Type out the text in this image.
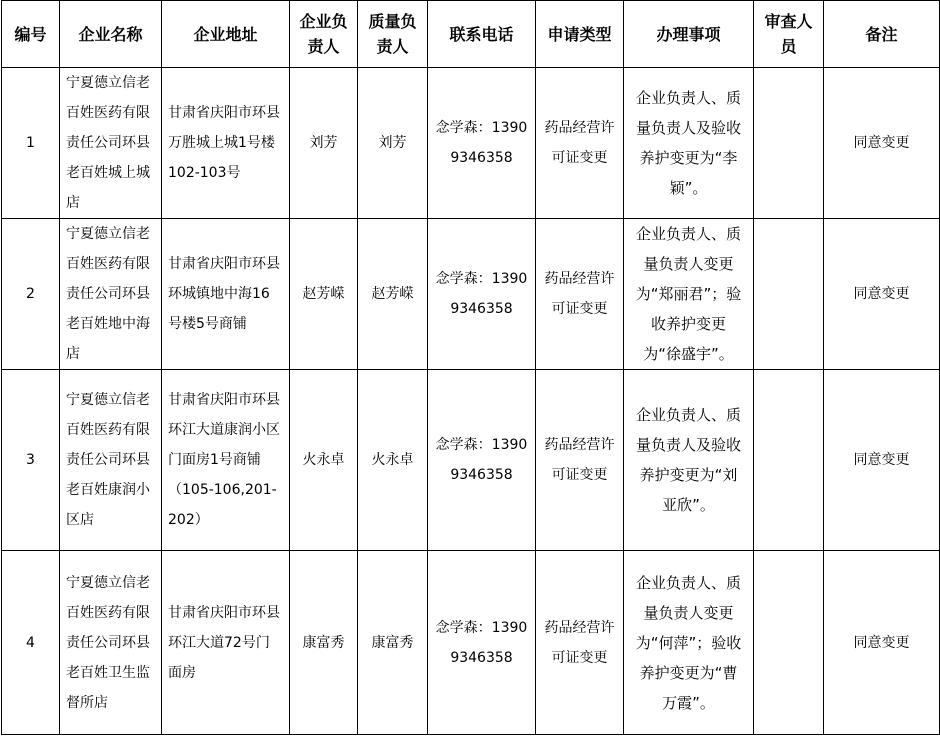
编号	企业名称	企业地址	企业负责人	质量负责人	联系电话	申请类型	办理事项	审查人员	备注
1	宁夏德立信老百姓医药有限责任公司环县老百姓城上城店	甘肃省庆阳市环县万胜城上城1号楼102-103号	刘芳	刘芳	念学森：13909346358	药品经营许可证变更	企业负责人、质量负责人及验收养护变更为“李颖”。		同意变更
2	宁夏德立信老百姓医药有限责任公司环县老百姓地中海店	甘肃省庆阳市环县环城镇地中海16号楼5号商铺	赵芳嵘	赵芳嵘	念学森：13909346358	药品经营许可证变更	企业负责人、质量负责人变更为“郑丽君”；验收养护变更为“徐盛宇”。		同意变更
3	宁夏德立信老百姓医药有限责任公司环县老百姓康润小区店	甘肃省庆阳市环县环江大道康润小区门面房1号商铺（105-106,201-202）	火永卓	火永卓	念学森：13909346358	药品经营许可证变更	企业负责人、质量负责人及验收养护变更为“刘亚欣”。		同意变更
4	宁夏德立信老百姓医药有限责任公司环县老百姓卫生监督所店	甘肃省庆阳市环县环江大道72号门面房	康富秀	康富秀	念学森：13909346358	药品经营许可证变更	企业负责人、质量负责人变更为“何萍”；验收养护变更为“曹万霞”。		同意变更
